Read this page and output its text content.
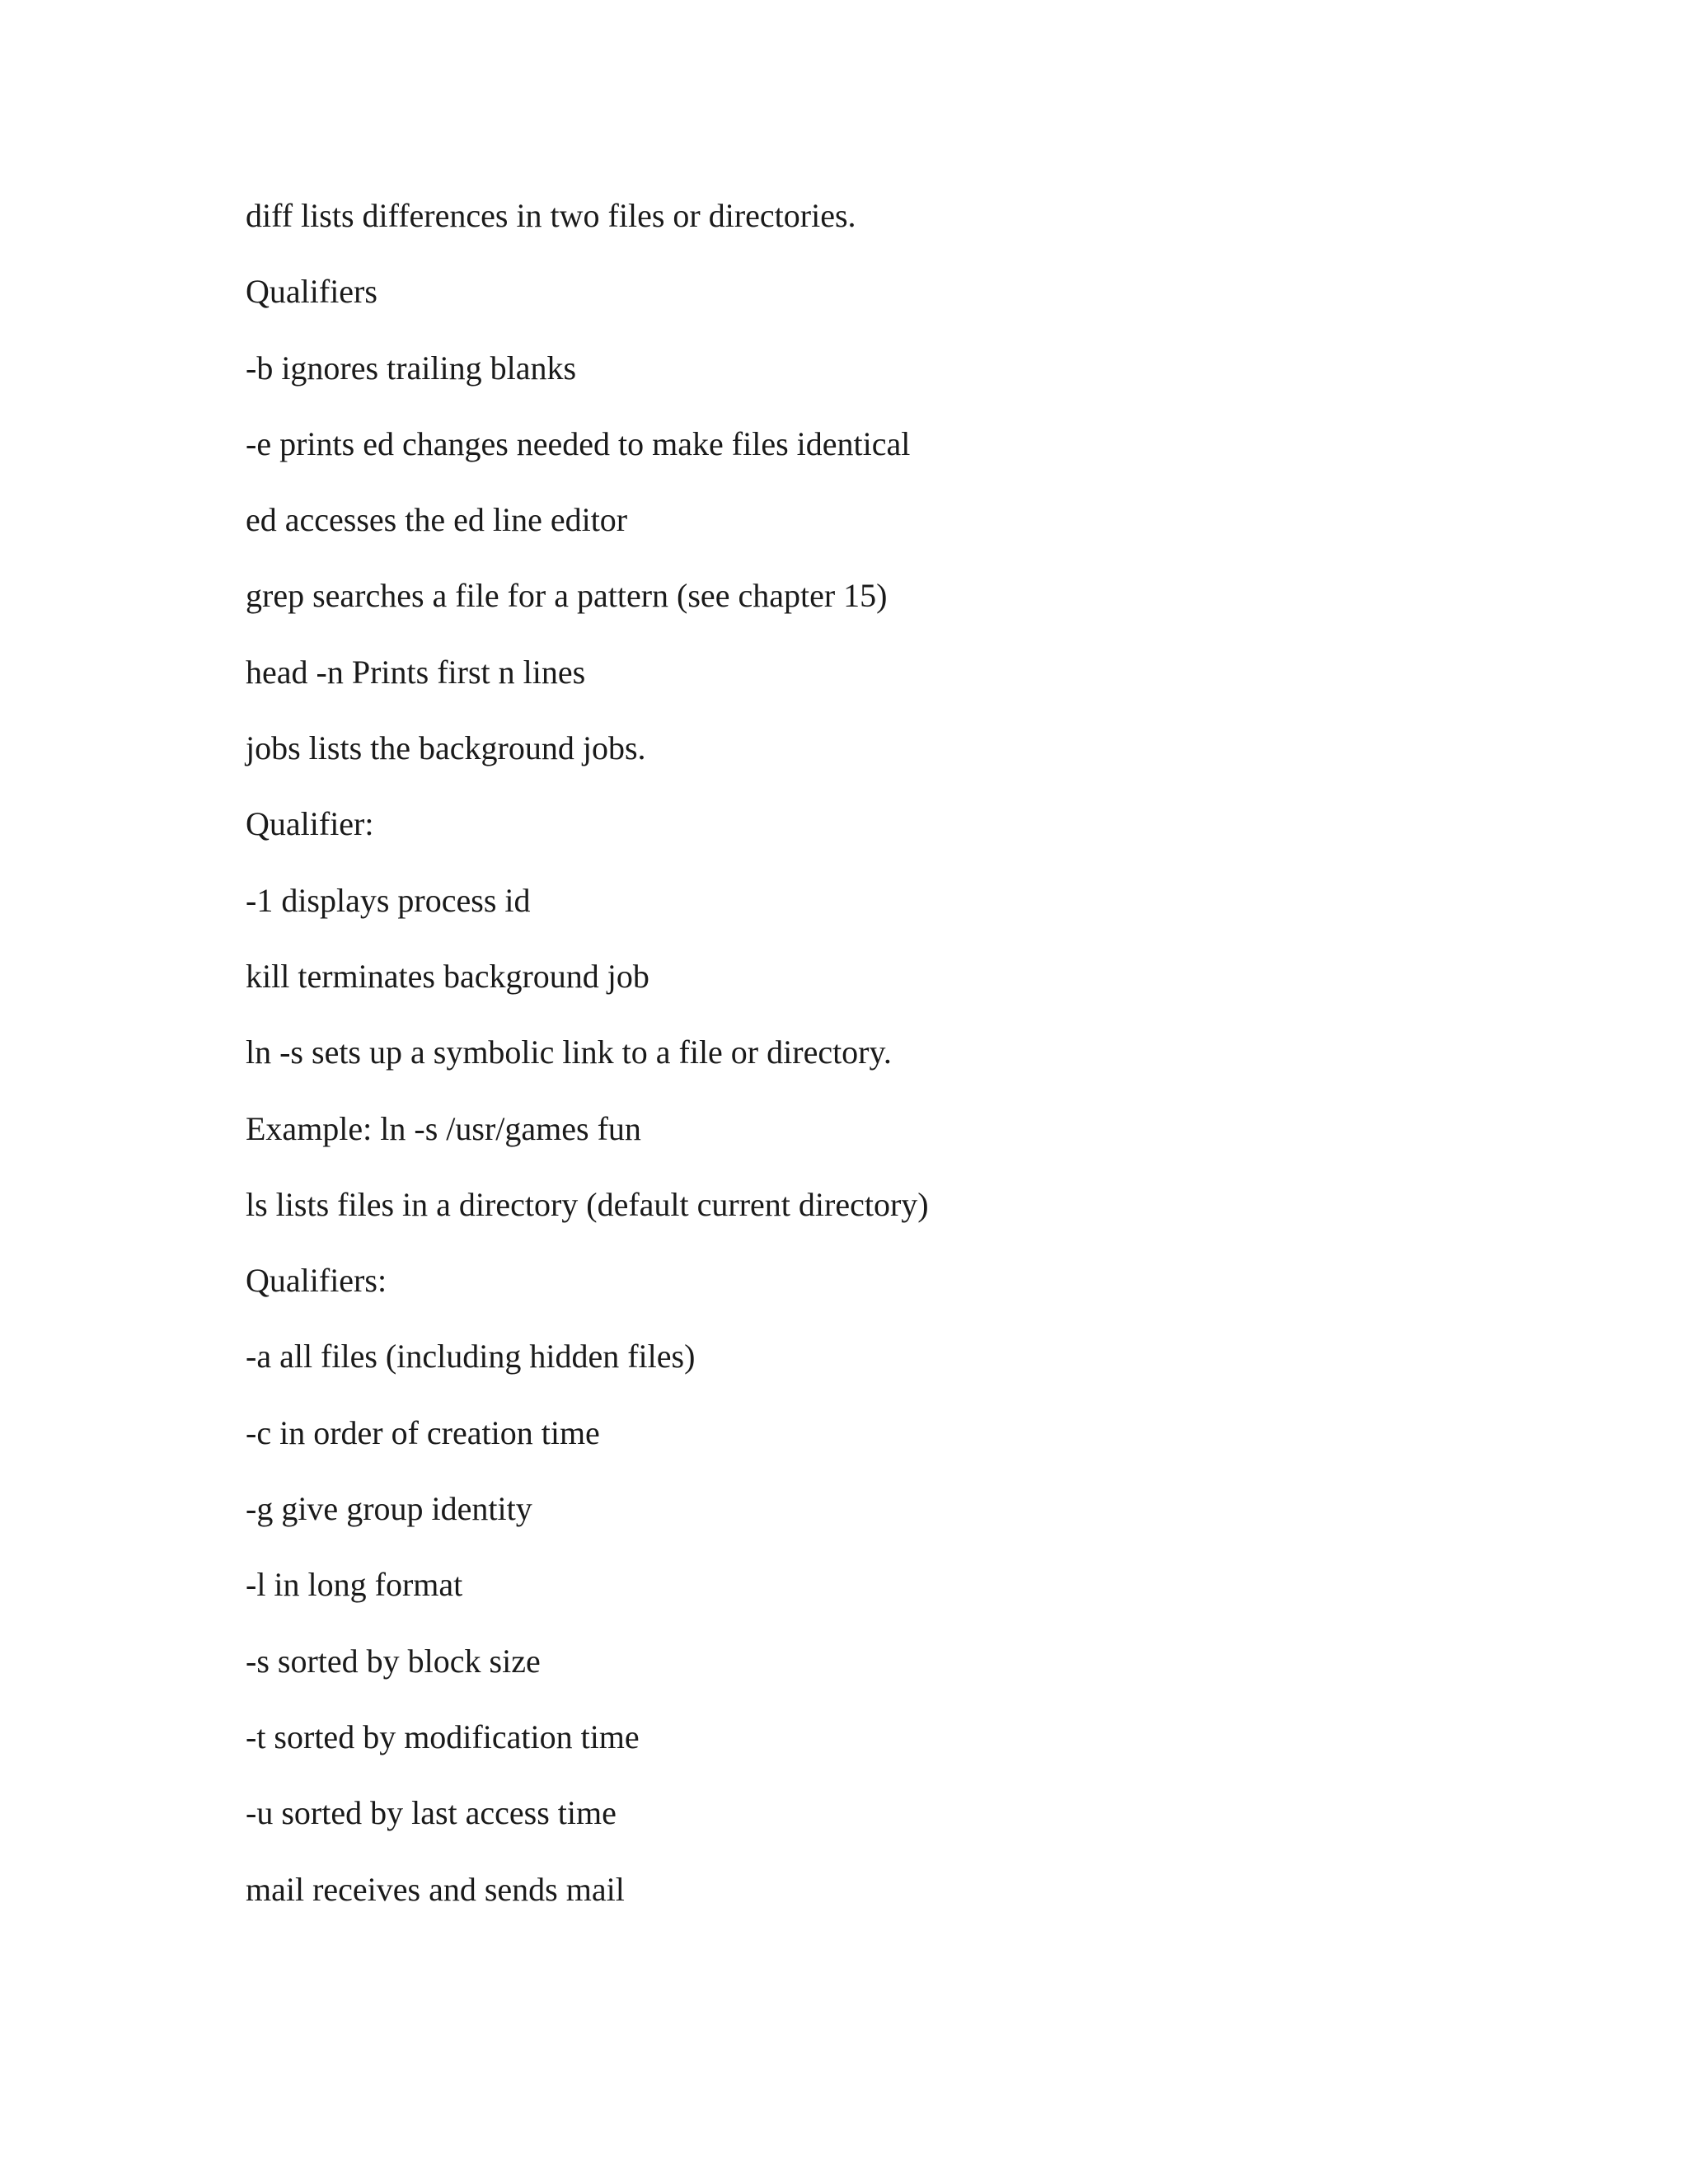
diff lists differences in two files or directories.
Qualifiers
-b ignores trailing blanks
-e prints ed changes needed to make files identical
ed accesses the ed line editor
grep searches a file for a pattern (see chapter 15)
head -n Prints first n lines
jobs lists the background jobs.
Qualifier:
-1 displays process id
kill terminates background job
ln -s sets up a symbolic link to a file or directory.
Example: ln -s /usr/games fun
ls lists files in a directory (default current directory)
Qualifiers:
-a all files (including hidden files)
-c in order of creation time
-g give group identity
-l in long format
-s sorted by block size
-t sorted by modification time
-u sorted by last access time
mail receives and sends mail
